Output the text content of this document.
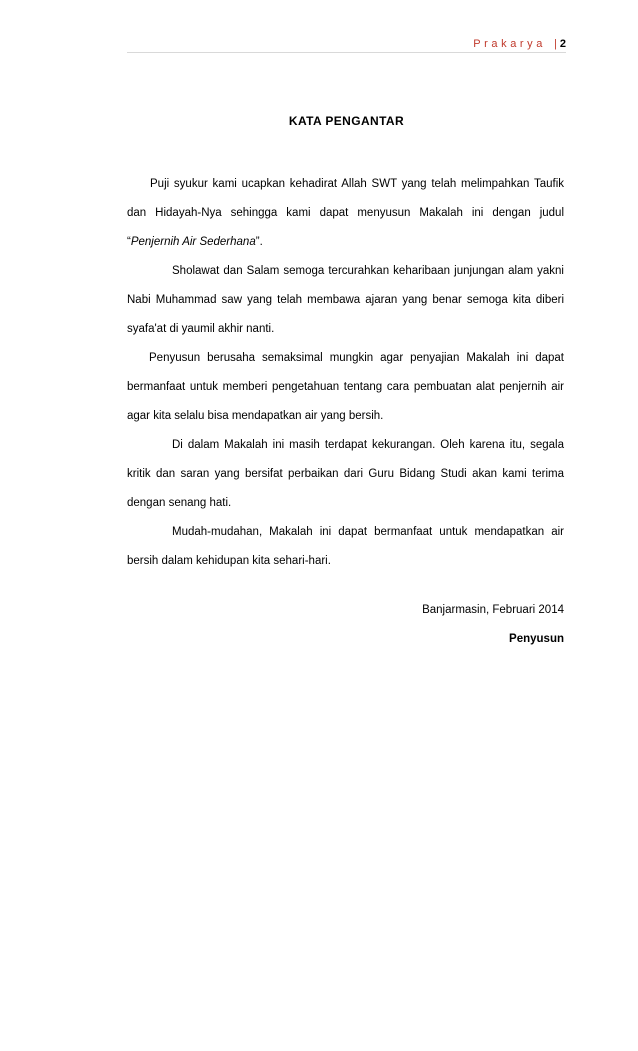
Prakarya | 2
KATA PENGANTAR

Puji syukur kami ucapkan kehadirat Allah SWT yang telah melimpahkan Taufik dan Hidayah-Nya sehingga kami dapat menyusun Makalah ini dengan judul “Penjernih Air Sederhana”.

Sholawat dan Salam semoga tercurahkan keharibaan junjungan alam yakni Nabi Muhammad saw yang telah membawa ajaran yang benar semoga kita diberi syafa'at di yaumil akhir nanti.

Penyusun berusaha semaksimal mungkin agar penyajian Makalah ini dapat bermanfaat untuk memberi pengetahuan tentang cara pembuatan alat penjernih air agar kita selalu bisa mendapatkan air yang bersih.

Di dalam Makalah ini masih terdapat kekurangan. Oleh karena itu, segala kritik dan saran yang bersifat perbaikan dari Guru Bidang Studi akan kami terima dengan senang hati.

Mudah-mudahan, Makalah ini dapat bermanfaat untuk mendapatkan air bersih dalam kehidupan kita sehari-hari.

Banjarmasin, Februari 2014
Penyusun
